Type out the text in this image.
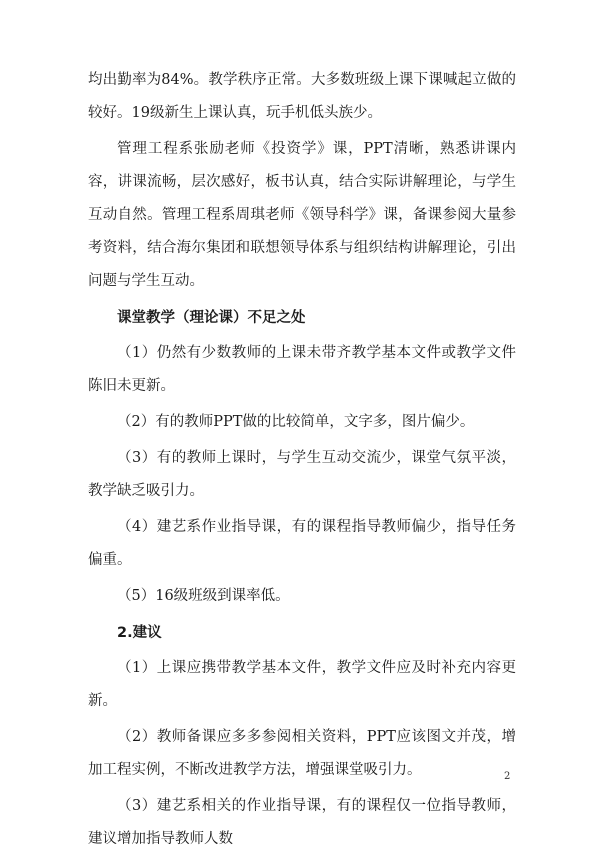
均出勤率为84%。教学秩序正常。大多数班级上课下课喊起立做的较好。19级新生上课认真，玩手机低头族少。

管理工程系张励老师《投资学》课，PPT清晰，熟悉讲课内容，讲课流畅，层次感好，板书认真，结合实际讲解理论，与学生互动自然。管理工程系周琪老师《领导科学》课，备课参阅大量参考资料，结合海尔集团和联想领导体系与组织结构讲解理论，引出问题与学生互动。

课堂教学（理论课）不足之处

（1）仍然有少数教师的上课未带齐教学基本文件或教学文件陈旧未更新。

（2）有的教师PPT做的比较简单，文字多，图片偏少。

（3）有的教师上课时，与学生互动交流少，课堂气氛平淡，教学缺乏吸引力。

（4）建艺系作业指导课，有的课程指导教师偏少，指导任务偏重。

（5）16级班级到课率低。

2.建议

（1）上课应携带教学基本文件，教学文件应及时补充内容更新。

（2）教师备课应多多参阅相关资料，PPT应该图文并茂，增加工程实例，不断改进教学方法，增强课堂吸引力。

（3）建艺系相关的作业指导课，有的课程仅一位指导教师，建议增加指导教师人数

2
